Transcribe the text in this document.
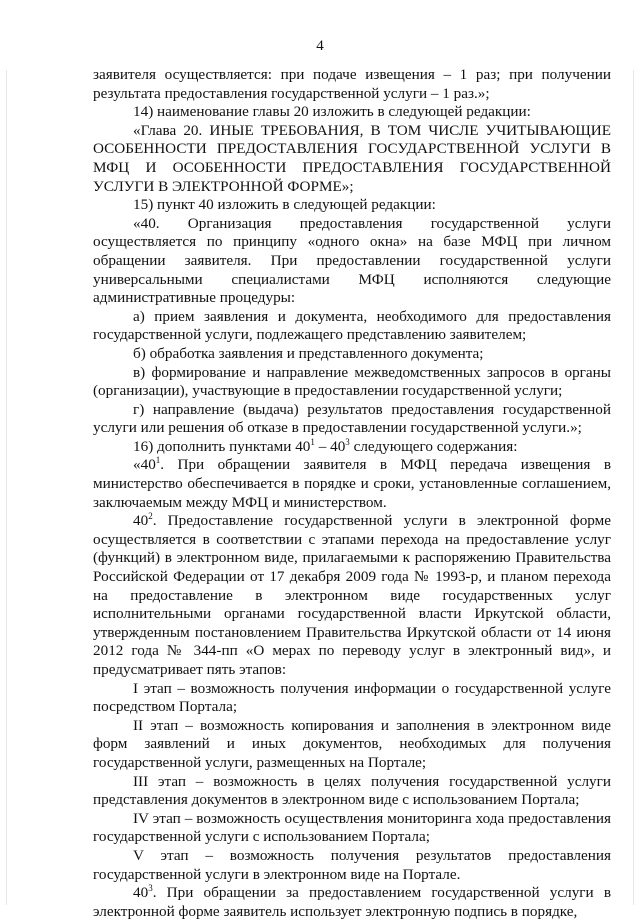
4

заявителя осуществляется: при подаче извещения – 1 раз; при получении результата предоставления государственной услуги – 1 раз.»;

14) наименование главы 20 изложить в следующей редакции:

«Глава 20. ИНЫЕ ТРЕБОВАНИЯ, В ТОМ ЧИСЛЕ УЧИТЫВАЮЩИЕ ОСОБЕННОСТИ ПРЕДОСТАВЛЕНИЯ ГОСУДАРСТВЕННОЙ УСЛУГИ В МФЦ И ОСОБЕННОСТИ ПРЕДОСТАВЛЕНИЯ ГОСУДАРСТВЕННОЙ УСЛУГИ В ЭЛЕКТРОННОЙ ФОРМЕ»;

15) пункт 40 изложить в следующей редакции:

«40. Организация предоставления государственной услуги осуществляется по принципу «одного окна» на базе МФЦ при личном обращении заявителя. При предоставлении государственной услуги универсальными специалистами МФЦ исполняются следующие административные процедуры:

а) прием заявления и документа, необходимого для предоставления государственной услуги, подлежащего представлению заявителем;

б) обработка заявления и представленного документа;

в) формирование и направление межведомственных запросов в органы (организации), участвующие в предоставлении государственной услуги;

г) направление (выдача) результатов предоставления государственной услуги или решения об отказе в предоставлении государственной услуги.»;

16) дополнить пунктами $40^1 - 40^3$ следующего содержания:

«$40^1$. При обращении заявителя в МФЦ передача извещения в министерство обеспечивается в порядке и сроки, установленные соглашением, заключаемым между МФЦ и министерством.

$40^2$. Предоставление государственной услуги в электронной форме осуществляется в соответствии с этапами перехода на предоставление услуг (функций) в электронном виде, прилагаемыми к распоряжению Правительства Российской Федерации от 17 декабря 2009 года № 1993-р, и планом перехода на предоставление в электронном виде государственных услуг исполнительными органами государственной власти Иркутской области, утвержденным постановлением Правительства Иркутской области от 14 июня 2012 года № 344-пп «О мерах по переводу услуг в электронный вид», и предусматривает пять этапов:

I этап – возможность получения информации о государственной услуге посредством Портала;

II этап – возможность копирования и заполнения в электронном виде форм заявлений и иных документов, необходимых для получения государственной услуги, размещенных на Портале;

III этап – возможность в целях получения государственной услуги представления документов в электронном виде с использованием Портала;

IV этап – возможность осуществления мониторинга хода предоставления государственной услуги с использованием Портала;

V этап – возможность получения результатов предоставления государственной услуги в электронном виде на Портале.

$40^3$. При обращении за предоставлением государственной услуги в электронной форме заявитель использует электронную подпись в порядке,
